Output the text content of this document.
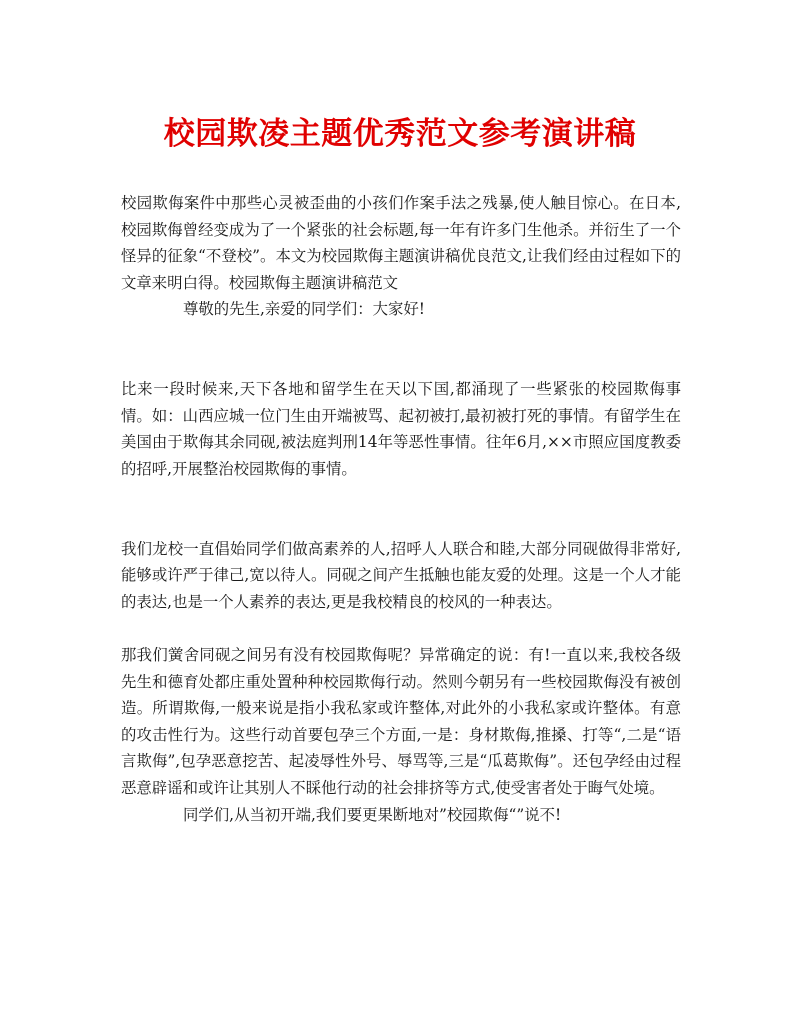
校园欺凌主题优秀范文参考演讲稿

校园欺侮案件中那些心灵被歪曲的小孩们作案手法之残暴,使人触目惊心。在日本,校园欺侮曾经变成为了一个紧张的社会标题,每一年有许多门生他杀。并衍生了一个怪异的征象“不登校”。本文为校园欺侮主题演讲稿优良范文,让我们经由过程如下的文章来明白得。校园欺侮主题演讲稿范文

尊敬的先生,亲爱的同学们：大家好!

比来一段时候来,天下各地和留学生在天以下国,都涌现了一些紧张的校园欺侮事情。如：山西应城一位门生由开端被骂、起初被打,最初被打死的事情。有留学生在美国由于欺侮其余同砚,被法庭判刑14年等恶性事情。往年6月,××市照应国度教委的招呼,开展整治校园欺侮的事情。

我们龙校一直倡始同学们做高素养的人,招呼人人联合和睦,大部分同砚做得非常好,能够或许严于律己,宽以待人。同砚之间产生抵触也能友爱的处理。这是一个人才能的表达,也是一个人素养的表达,更是我校精良的校风的一种表达。

那我们黉舍同砚之间另有没有校园欺侮呢？异常确定的说：有!一直以来,我校各级先生和德育处都庄重处置种种校园欺侮行动。然则今朝另有一些校园欺侮没有被创造。所谓欺侮,一般来说是指小我私家或许整体,对此外的小我私家或许整体。有意的攻击性行为。这些行动首要包孕三个方面,一是：身材欺侮,推搡、打等“,二是“语言欺侮”,包孕恶意挖苦、起凌辱性外号、辱骂等,三是“瓜葛欺侮”。还包孕经由过程恶意辟谣和或许让其别人不睬他行动的社会排挤等方式,使受害者处于晦气处境。

同学们,从当初开端,我们要更果断地对”校园欺侮“”说不!
